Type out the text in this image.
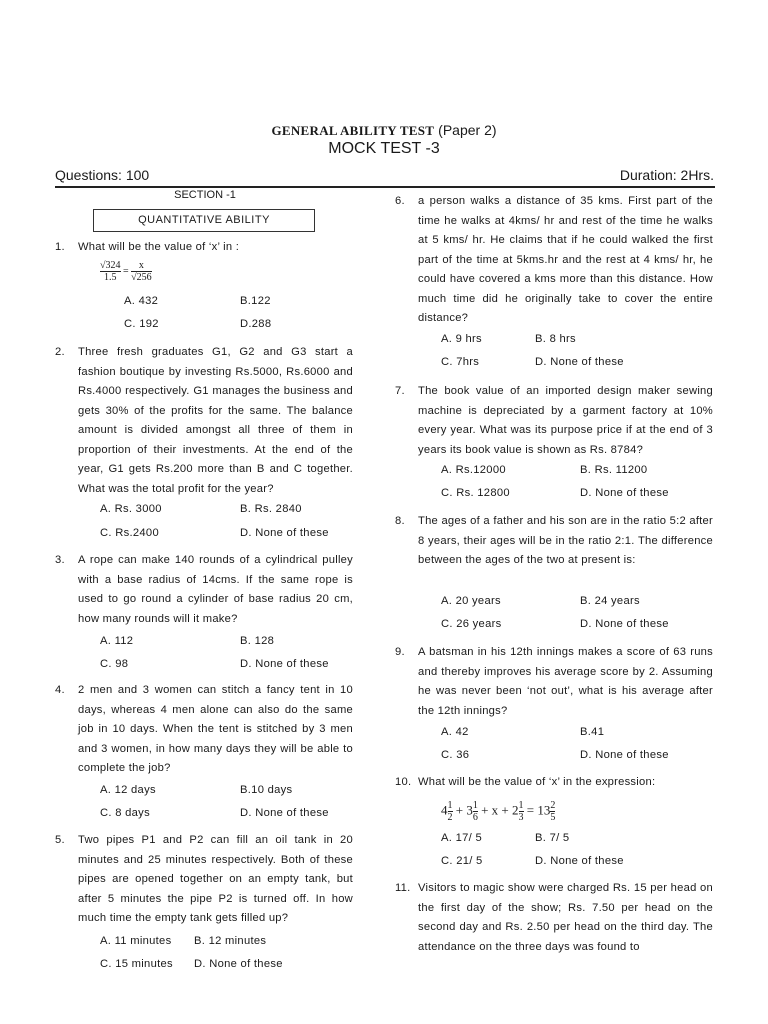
GENERAL ABILITY TEST (Paper 2)
MOCK TEST -3
Questions: 100	Duration: 2Hrs.
SECTION -1
QUANTITATIVE ABILITY
1. What will be the value of ‘x’ in :
$\frac{√324}{1.5} = \frac{x}{√256}$
A. 432	B.122
C. 192	D.288
2. Three fresh graduates G1, G2 and G3 start a fashion boutique by investing Rs.5000, Rs.6000 and Rs.4000 respectively. G1 manages the business and gets 30% of the profits for the same. The balance amount is divided amongst all three of them in proportion of their investments. At the end of the year, G1 gets Rs.200 more than B and C together. What was the total profit for the year?
A. Rs. 3000	B. Rs. 2840
C. Rs.2400	D. None of these
3. A rope can make 140 rounds of a cylindrical pulley with a base radius of 14cms. If the same rope is used to go round a cylinder of base radius 20 cm, how many rounds will it make?
A. 112	B. 128
C. 98	D. None of these
4. 2 men and 3 women can stitch a fancy tent in 10 days, whereas 4 men alone can also do the same job in 10 days. When the tent is stitched by 3 men and 3 women, in how many days they will be able to complete the job?
A. 12 days	B.10 days
C. 8 days	D. None of these
5. Two pipes P1 and P2 can fill an oil tank in 20 minutes and 25 minutes respectively. Both of these pipes are opened together on an empty tank, but after 5 minutes the pipe P2 is turned off. In how much time the empty tank gets filled up?
A. 11 minutes B. 12 minutes
C. 15 minutes D. None of these
6. a person walks a distance of 35 kms. First part of the time he walks at 4kms/ hr and rest of the time he walks at 5 kms/ hr. He claims that if he could walked the first part of the time at 5kms.hr and the rest at 4 kms/ hr, he could have covered a kms more than this distance. How much time did he originally take to cover the entire distance?
A. 9 hrs	B. 8 hrs
C. 7hrs	D. None of these
7. The book value of an imported design maker sewing machine is depreciated by a garment factory at 10% every year. What was its purpose price if at the end of 3 years its book value is shown as Rs. 8784?
A. Rs.12000	B. Rs. 11200
C. Rs. 12800	D. None of these
8. The ages of a father and his son are in the ratio 5:2 after 8 years, their ages will be in the ratio 2:1. The difference between the ages of the two at present is:
A. 20 years	B. 24 years
C. 26 years	D. None of these
9. A batsman in his 12th innings makes a score of 63 runs and thereby improves his average score by 2. Assuming he was never been ‘not out’, what is his average after the 12th innings?
A. 42	B.41
C. 36	D. None of these
10. What will be the value of ‘x’ in the expression:
$4 \frac{1}{2} + 3 \frac{1}{6} + x + 2 \frac{1}{3} = 13 \frac{2}{5}$
A. 17/ 5	B. 7/ 5
C. 21/ 5	D. None of these
11. Visitors to magic show were charged Rs. 15 per head on the first day of the show; Rs. 7.50 per head on the second day and Rs. 2.50 per head on the third day. The attendance on the three days was found to
